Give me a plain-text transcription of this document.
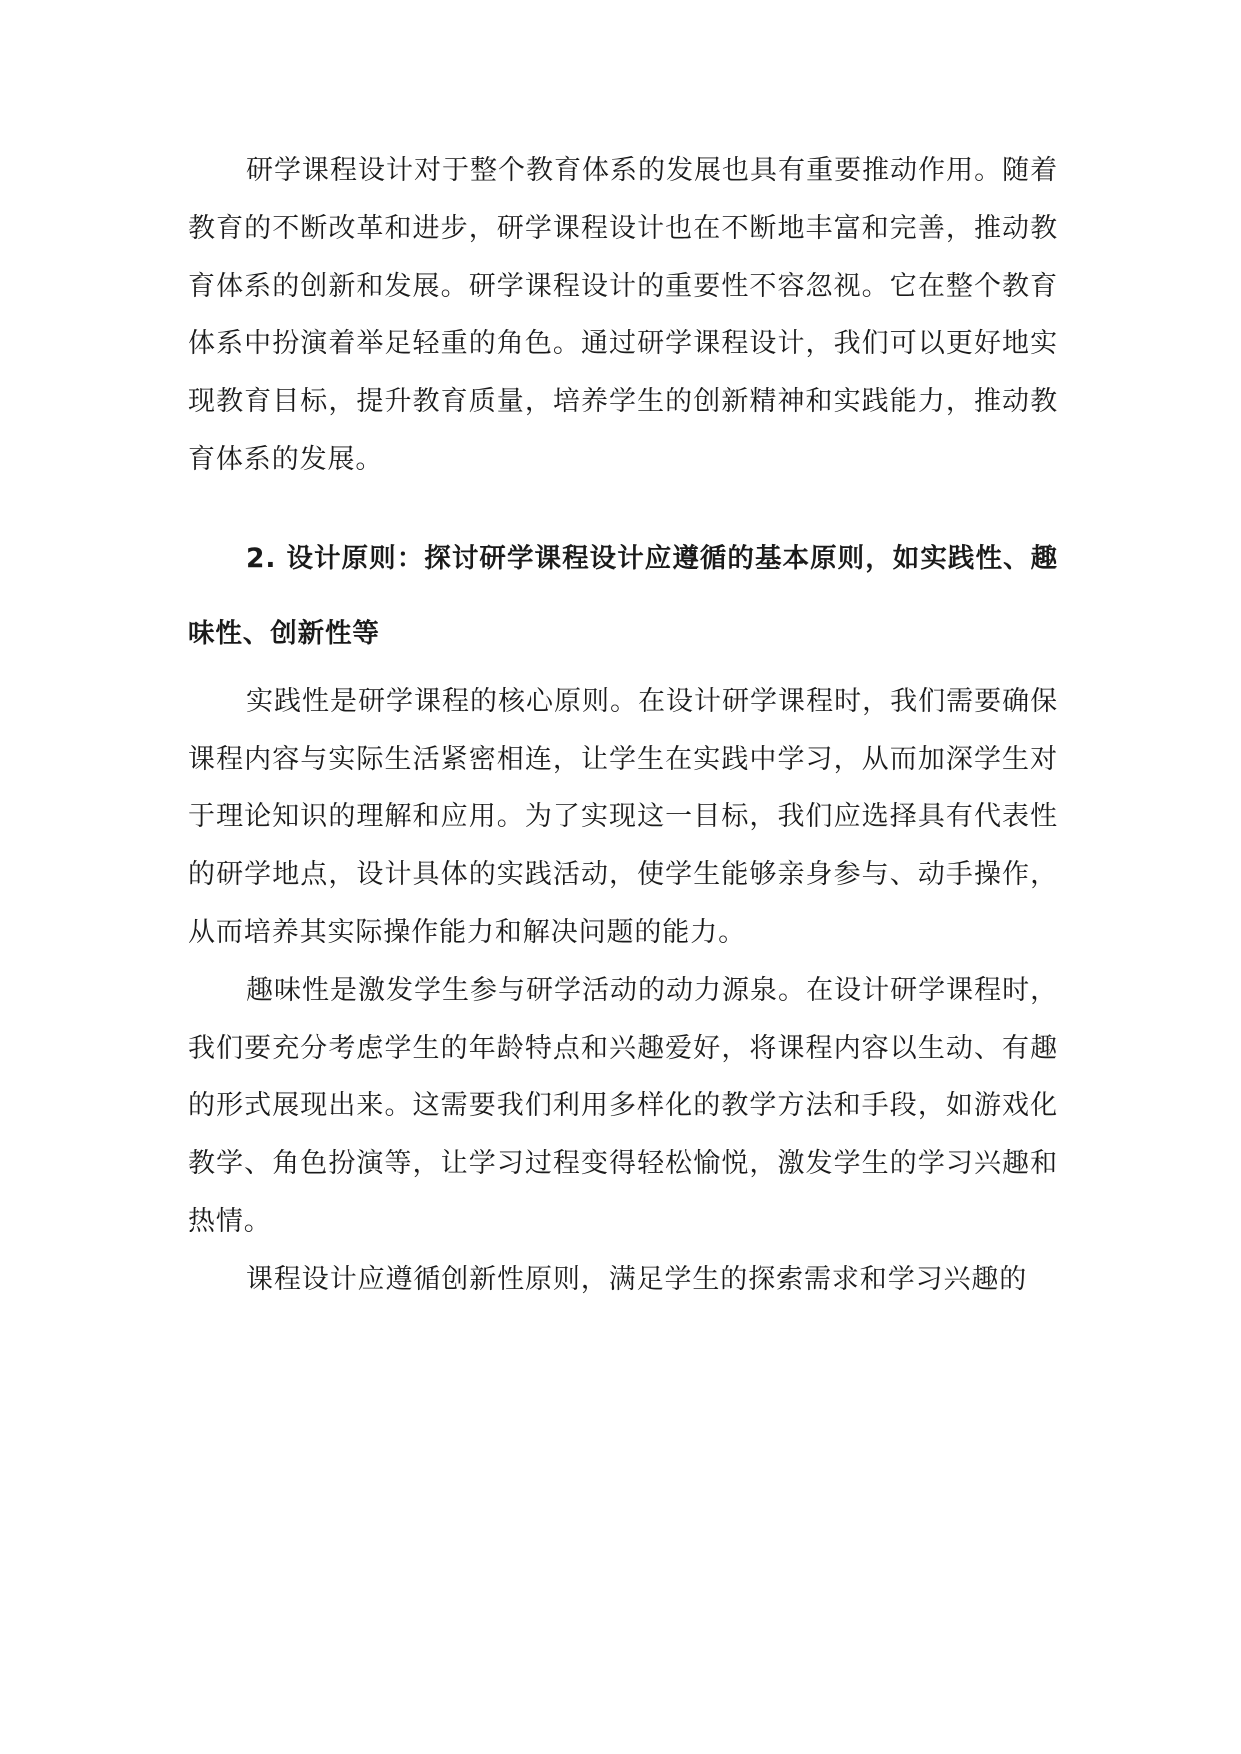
研学课程设计对于整个教育体系的发展也具有重要推动作用。随着教育的不断改革和进步，研学课程设计也在不断地丰富和完善，推动教育体系的创新和发展。研学课程设计的重要性不容忽视。它在整个教育体系中扮演着举足轻重的角色。通过研学课程设计，我们可以更好地实现教育目标，提升教育质量，培养学生的创新精神和实践能力，推动教育体系的发展。

2. 设计原则：探讨研学课程设计应遵循的基本原则，如实践性、趣味性、创新性等

实践性是研学课程的核心原则。在设计研学课程时，我们需要确保课程内容与实际生活紧密相连，让学生在实践中学习，从而加深学生对于理论知识的理解和应用。为了实现这一目标，我们应选择具有代表性的研学地点，设计具体的实践活动，使学生能够亲身参与、动手操作，从而培养其实际操作能力和解决问题的能力。

趣味性是激发学生参与研学活动的动力源泉。在设计研学课程时，我们要充分考虑学生的年龄特点和兴趣爱好，将课程内容以生动、有趣的形式展现出来。这需要我们利用多样化的教学方法和手段，如游戏化教学、角色扮演等，让学习过程变得轻松愉悦，激发学生的学习兴趣和热情。

课程设计应遵循创新性原则，满足学生的探索需求和学习兴趣的
